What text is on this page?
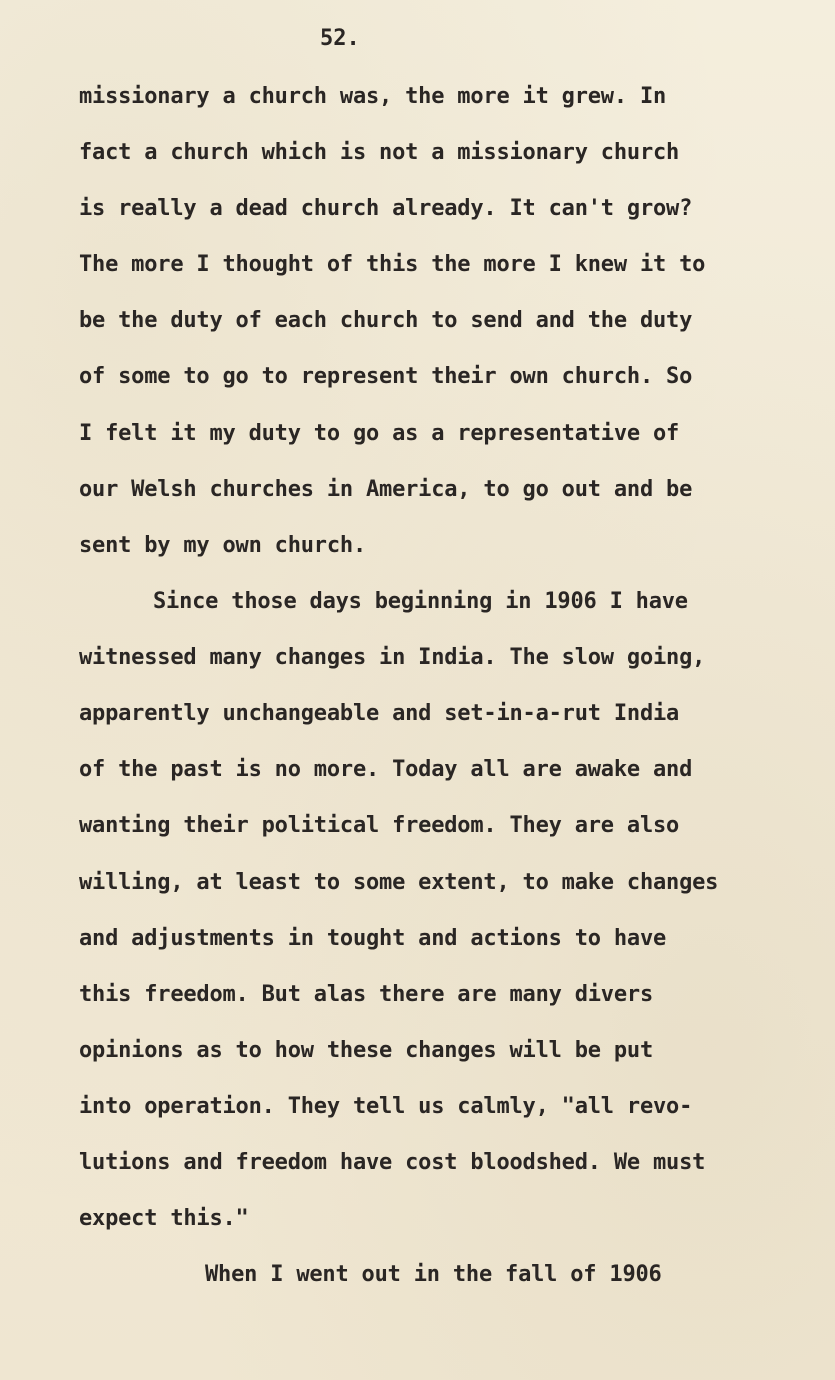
52.

missionary a church was, the more it grew. In

fact a church which is not a missionary church

is really a dead church already. It can't grow?

The more I thought of this the more I knew it to

be the duty of each church to send and the duty

of some to go to represent their own church. So

I felt it my duty to go as a representative of

our Welsh churches in America, to go out and be

sent by my own church.

Since those days beginning in 1906 I have

witnessed many changes in India. The slow going,

apparently unchangeable and set-in-a-rut India

of the past is no more. Today all are awake and

wanting their political freedom. They are also

willing, at least to some extent, to make changes

and adjustments in tought and actions to have

this freedom. But alas there are many divers

opinions as to how these changes will be put

into operation. They tell us calmly, "all revo-

lutions and freedom have cost bloodshed. We must

expect this."

When I went out in the fall of 1906
